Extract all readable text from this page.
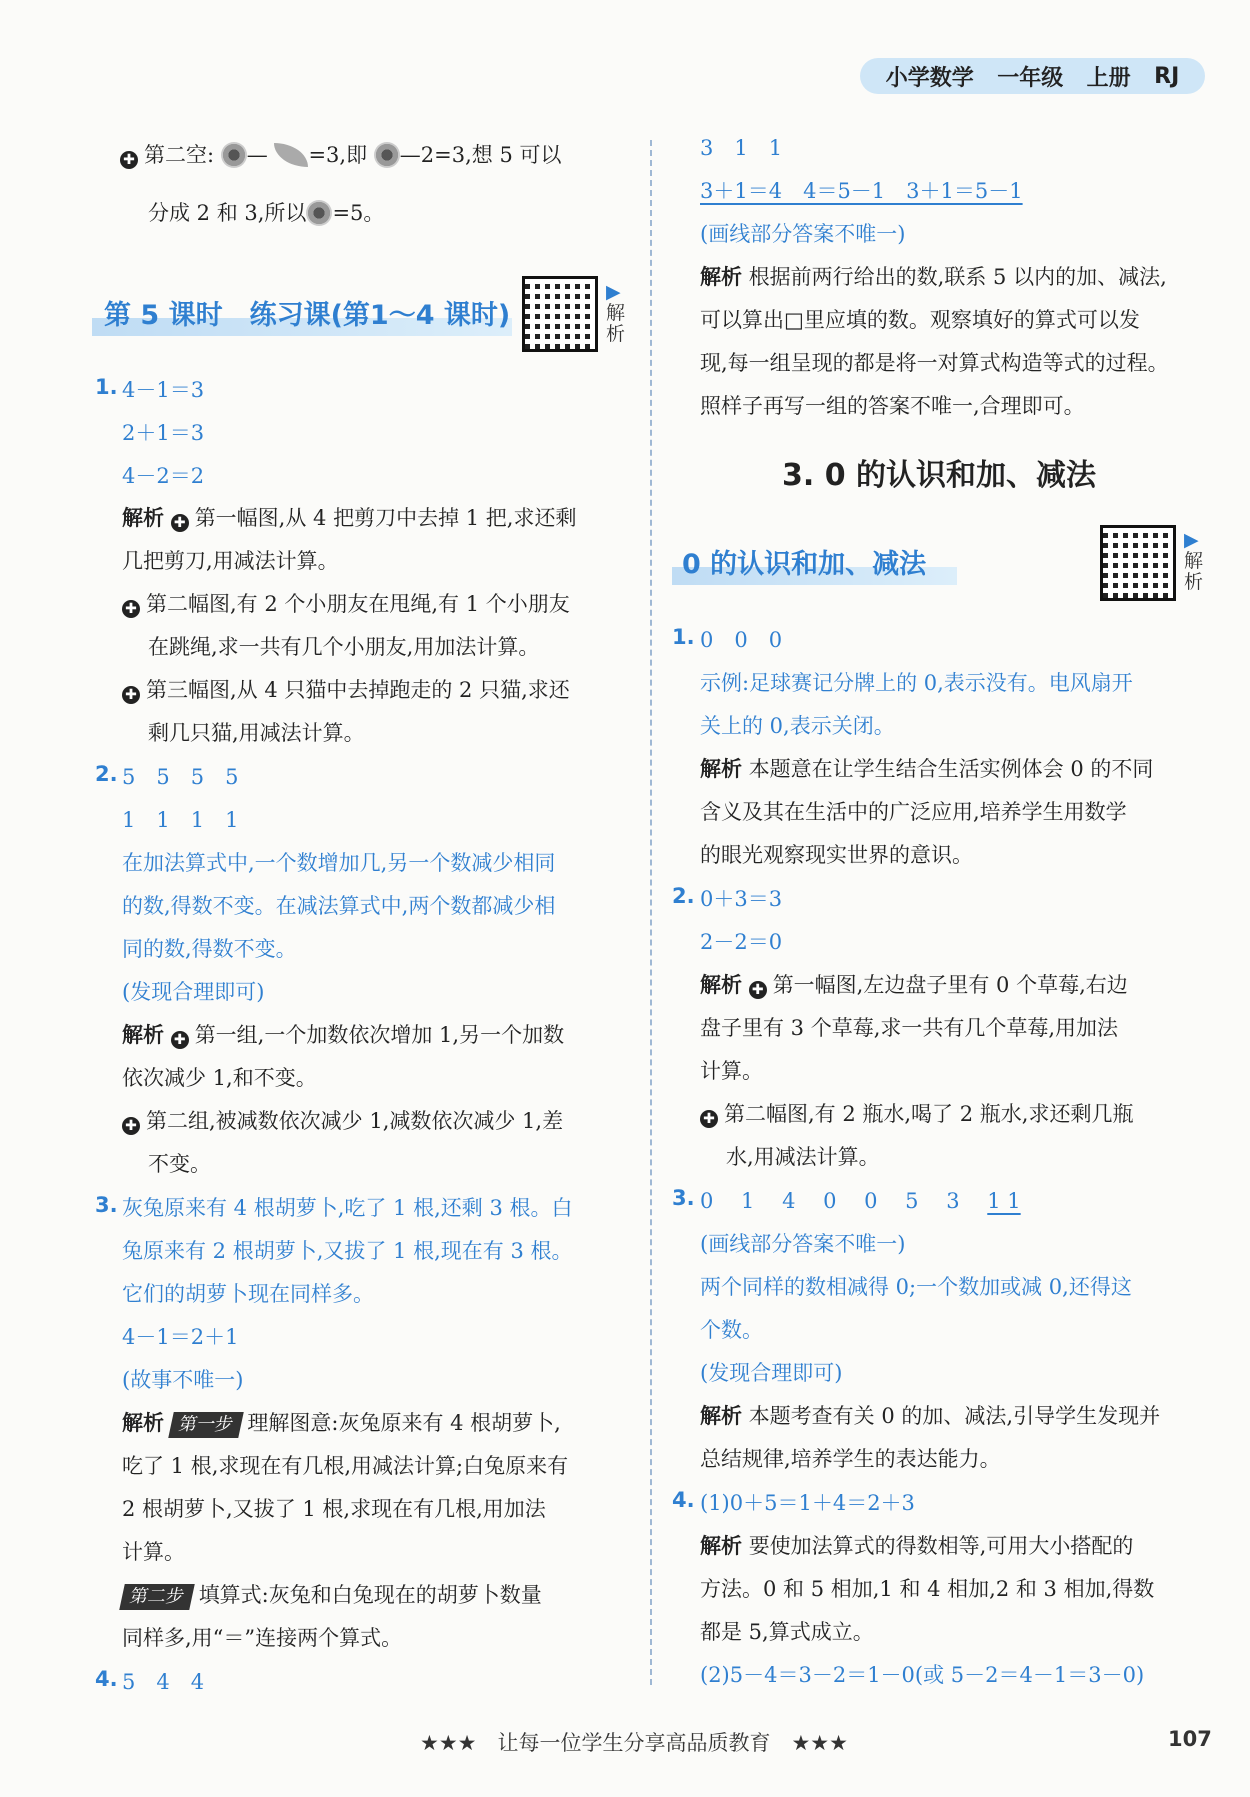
小学数学 一年级 上册 RJ
✚ 第二空: — =3,即 —2=3,想 5 可以
分成 2 和 3,所以 =5。
第 5 课时　练习课(第1～4 课时)
▶解析
1. 4－1＝3
2＋1＝3
4－2＝2
解析 ✚ 第一幅图,从 4 把剪刀中去掉 1 把,求还剩
几把剪刀,用减法计算。
✚ 第二幅图,有 2 个小朋友在甩绳,有 1 个小朋友
在跳绳,求一共有几个小朋友,用加法计算。
✚ 第三幅图,从 4 只猫中去掉跑走的 2 只猫,求还
剩几只猫,用减法计算。
2. 5　5　5　5
1　1　1　1
在加法算式中,一个数增加几,另一个数减少相同
的数,得数不变。在减法算式中,两个数都减少相
同的数,得数不变。
(发现合理即可)
解析 ✚ 第一组,一个加数依次增加 1,另一个加数
依次减少 1,和不变。
✚ 第二组,被减数依次减少 1,减数依次减少 1,差
不变。
3. 灰兔原来有 4 根胡萝卜,吃了 1 根,还剩 3 根。白
兔原来有 2 根胡萝卜,又拔了 1 根,现在有 3 根。
它们的胡萝卜现在同样多。
4－1＝2＋1
(故事不唯一)
解析 第一步 理解图意:灰兔原来有 4 根胡萝卜,
吃了 1 根,求现在有几根,用减法计算;白兔原来有
2 根胡萝卜,又拔了 1 根,求现在有几根,用加法
计算。
第二步 填算式:灰兔和白兔现在的胡萝卜数量
同样多,用“＝”连接两个算式。
4. 5　4　4
3　1　1
3＋1＝4　4＝5－1　3＋1＝5－1
(画线部分答案不唯一)
解析 根据前两行给出的数,联系 5 以内的加、减法,
可以算出□里应填的数。观察填好的算式可以发
现,每一组呈现的都是将一对算式构造等式的过程。
照样子再写一组的答案不唯一,合理即可。
3. 0 的认识和加、减法
0 的认识和加、减法
▶解析
1. 0　0　0
示例:足球赛记分牌上的 0,表示没有。电风扇开
关上的 0,表示关闭。
解析 本题意在让学生结合生活实例体会 0 的不同
含义及其在生活中的广泛应用,培养学生用数学
的眼光观察现实世界的意识。
2. 0＋3＝3
2－2＝0
解析 ✚ 第一幅图,左边盘子里有 0 个草莓,右边
盘子里有 3 个草莓,求一共有几个草莓,用加法
计算。
✚ 第二幅图,有 2 瓶水,喝了 2 瓶水,求还剩几瓶
水,用减法计算。
3. 0　 1　 4　 0　 0　 5　 3　 1 1
(画线部分答案不唯一)
两个同样的数相减得 0;一个数加或减 0,还得这
个数。
(发现合理即可)
解析 本题考查有关 0 的加、减法,引导学生发现并
总结规律,培养学生的表达能力。
4. (1)0＋5＝1＋4＝2＋3
解析 要使加法算式的得数相等,可用大小搭配的
方法。0 和 5 相加,1 和 4 相加,2 和 3 相加,得数
都是 5,算式成立。
(2)5－4＝3－2＝1－0(或 5－2＝4－1＝3－0)
★★★　让每一位学生分享高品质教育　★★★	107
